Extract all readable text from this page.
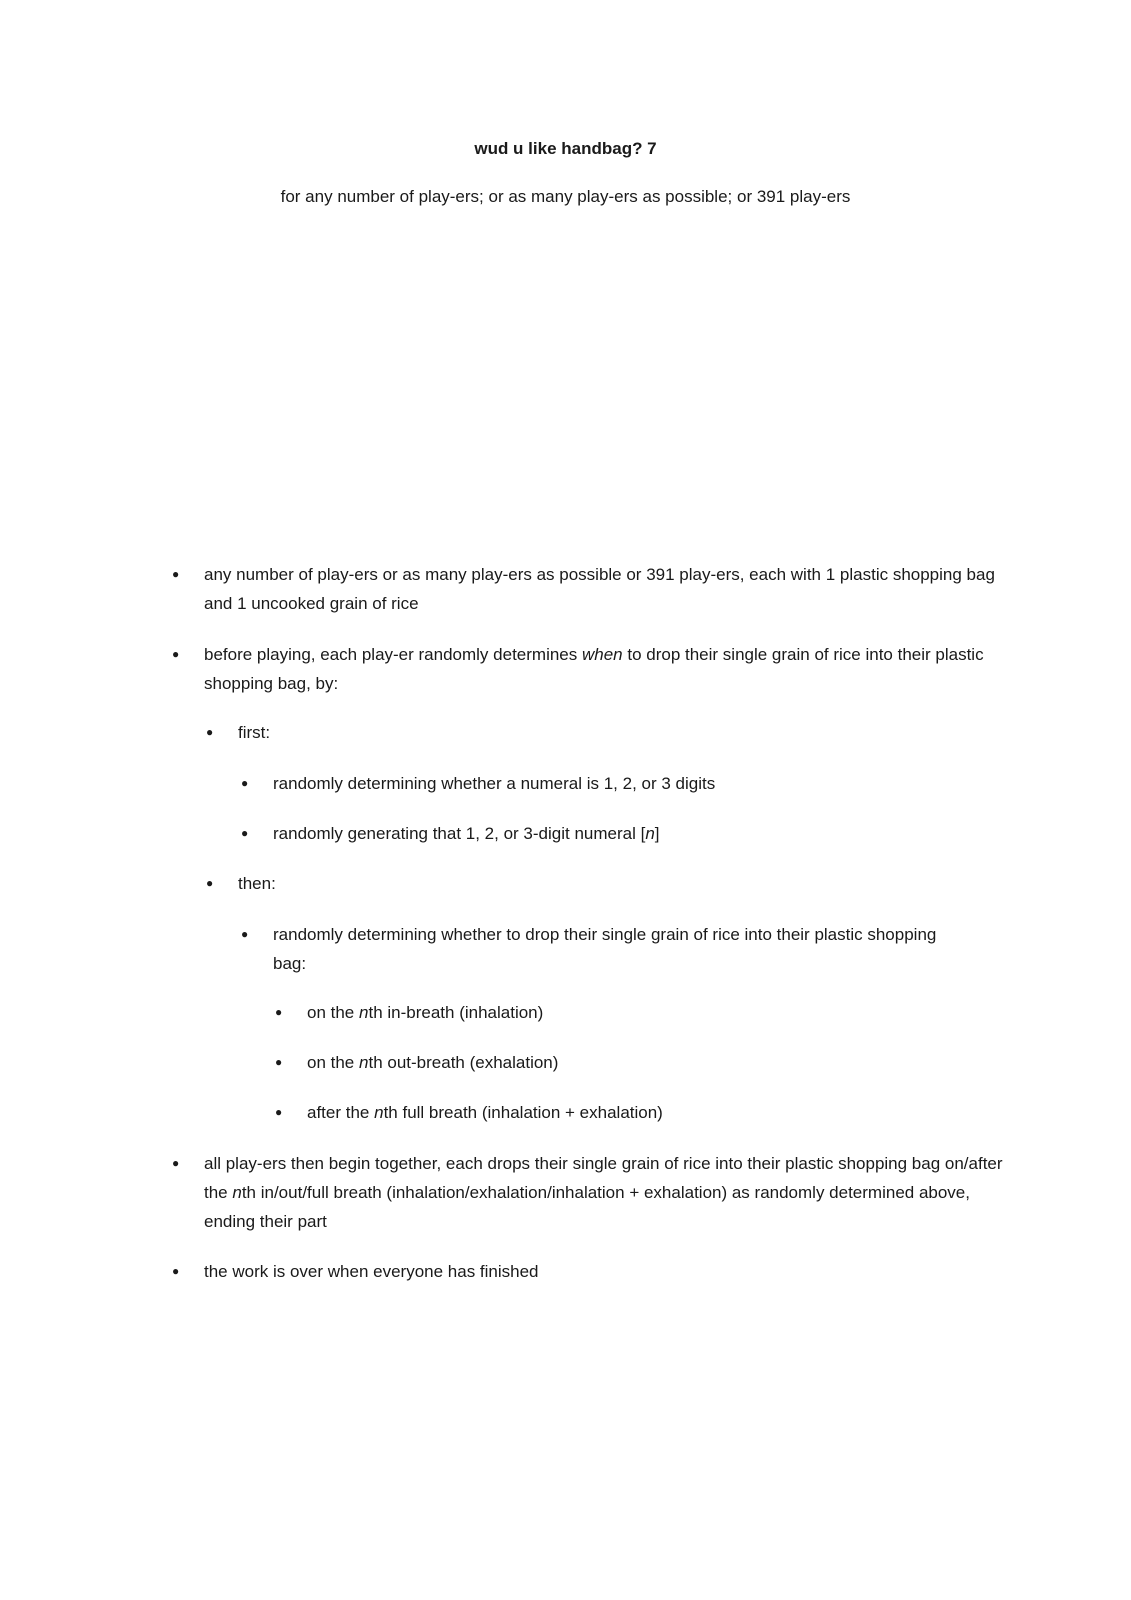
wud u like handbag? 7
for any number of play-ers; or as many play-ers as possible; or 391 play-ers
● any number of play-ers or as many play-ers as possible or 391 play-ers, each with 1 plastic shopping bag and 1 uncooked grain of rice
● before playing, each play-er randomly determines when to drop their single grain of rice into their plastic shopping bag, by:
● first:
● randomly determining whether a numeral is 1, 2, or 3 digits
● randomly generating that 1, 2, or 3-digit numeral [n]
● then:
● randomly determining whether to drop their single grain of rice into their plastic shopping bag:
● on the nth in-breath (inhalation)
● on the nth out-breath (exhalation)
● after the nth full breath (inhalation + exhalation)
● all play-ers then begin together, each drops their single grain of rice into their plastic shopping bag on/after the nth in/out/full breath (inhalation/exhalation/inhalation + exhalation) as randomly determined above, ending their part
● the work is over when everyone has finished
